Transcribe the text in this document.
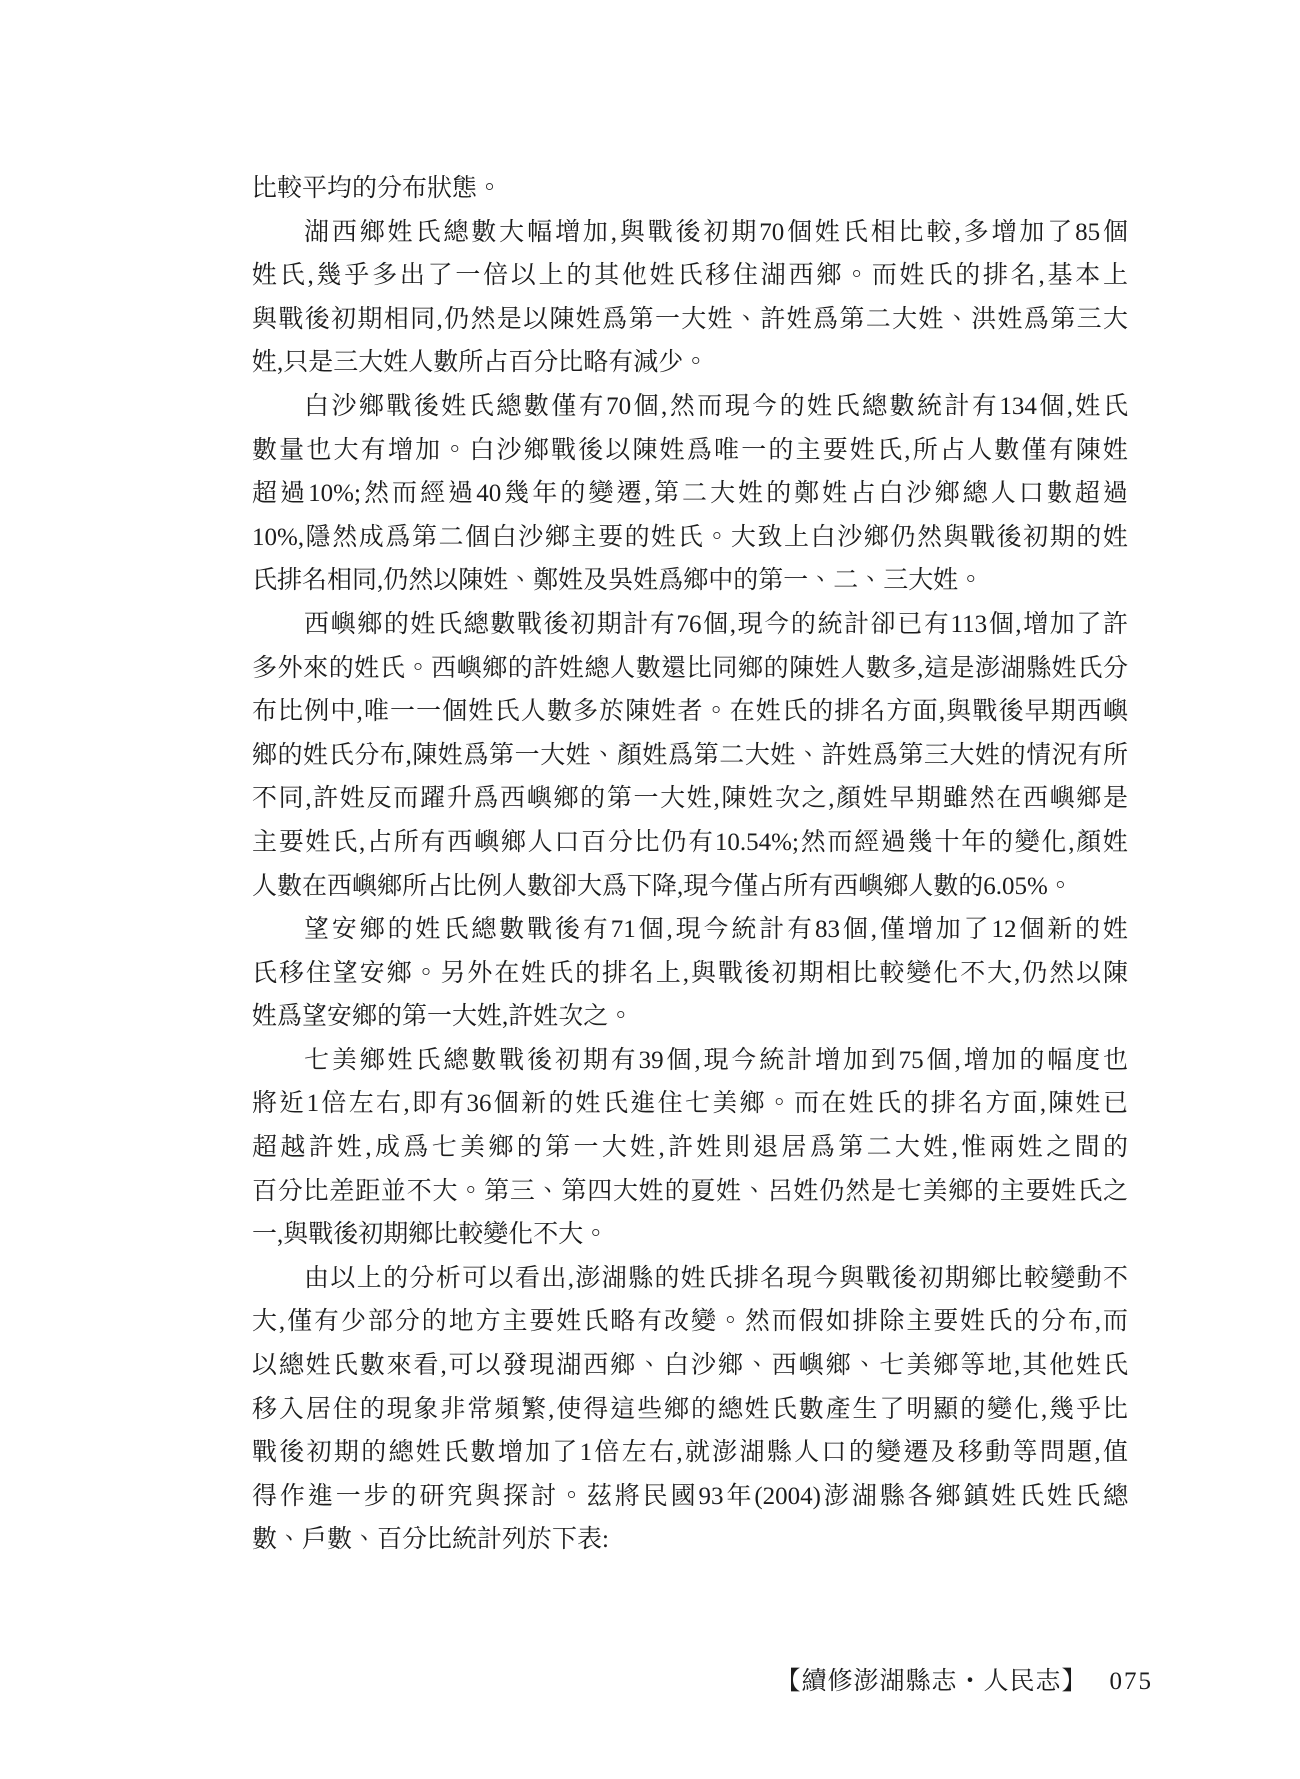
比較平均的分布狀態。
湖西鄉姓氏總數大幅增加,與戰後初期70個姓氏相比較,多增加了85個
姓氏,幾乎多出了一倍以上的其他姓氏移住湖西鄉。而姓氏的排名,基本上
與戰後初期相同,仍然是以陳姓爲第一大姓、許姓爲第二大姓、洪姓爲第三大
姓,只是三大姓人數所占百分比略有減少。
白沙鄉戰後姓氏總數僅有70個,然而現今的姓氏總數統計有134個,姓氏
數量也大有增加。白沙鄉戰後以陳姓爲唯一的主要姓氏,所占人數僅有陳姓
超過10%;然而經過40幾年的變遷,第二大姓的鄭姓占白沙鄉總人口數超過
10%,隱然成爲第二個白沙鄉主要的姓氏。大致上白沙鄉仍然與戰後初期的姓
氏排名相同,仍然以陳姓、鄭姓及吳姓爲鄉中的第一、二、三大姓。
西嶼鄉的姓氏總數戰後初期計有76個,現今的統計卻已有113個,增加了許
多外來的姓氏。西嶼鄉的許姓總人數還比同鄉的陳姓人數多,這是澎湖縣姓氏分
布比例中,唯一一個姓氏人數多於陳姓者。在姓氏的排名方面,與戰後早期西嶼
鄉的姓氏分布,陳姓爲第一大姓、顏姓爲第二大姓、許姓爲第三大姓的情況有所
不同,許姓反而躍升爲西嶼鄉的第一大姓,陳姓次之,顏姓早期雖然在西嶼鄉是
主要姓氏,占所有西嶼鄉人口百分比仍有10.54%;然而經過幾十年的變化,顏姓
人數在西嶼鄉所占比例人數卻大爲下降,現今僅占所有西嶼鄉人數的6.05%。
望安鄉的姓氏總數戰後有71個,現今統計有83個,僅增加了12個新的姓
氏移住望安鄉。另外在姓氏的排名上,與戰後初期相比較變化不大,仍然以陳
姓爲望安鄉的第一大姓,許姓次之。
七美鄉姓氏總數戰後初期有39個,現今統計增加到75個,增加的幅度也
將近1倍左右,即有36個新的姓氏進住七美鄉。而在姓氏的排名方面,陳姓已
超越許姓,成爲七美鄉的第一大姓,許姓則退居爲第二大姓,惟兩姓之間的
百分比差距並不大。第三、第四大姓的夏姓、呂姓仍然是七美鄉的主要姓氏之
一,與戰後初期鄉比較變化不大。
由以上的分析可以看出,澎湖縣的姓氏排名現今與戰後初期鄉比較變動不
大,僅有少部分的地方主要姓氏略有改變。然而假如排除主要姓氏的分布,而
以總姓氏數來看,可以發現湖西鄉、白沙鄉、西嶼鄉、七美鄉等地,其他姓氏
移入居住的現象非常頻繁,使得這些鄉的總姓氏數產生了明顯的變化,幾乎比
戰後初期的總姓氏數增加了1倍左右,就澎湖縣人口的變遷及移動等問題,值
得作進一步的研究與探討。茲將民國93年(2004)澎湖縣各鄉鎮姓氏姓氏總
數、戶數、百分比統計列於下表:
【續修澎湖縣志・人民志】 075
